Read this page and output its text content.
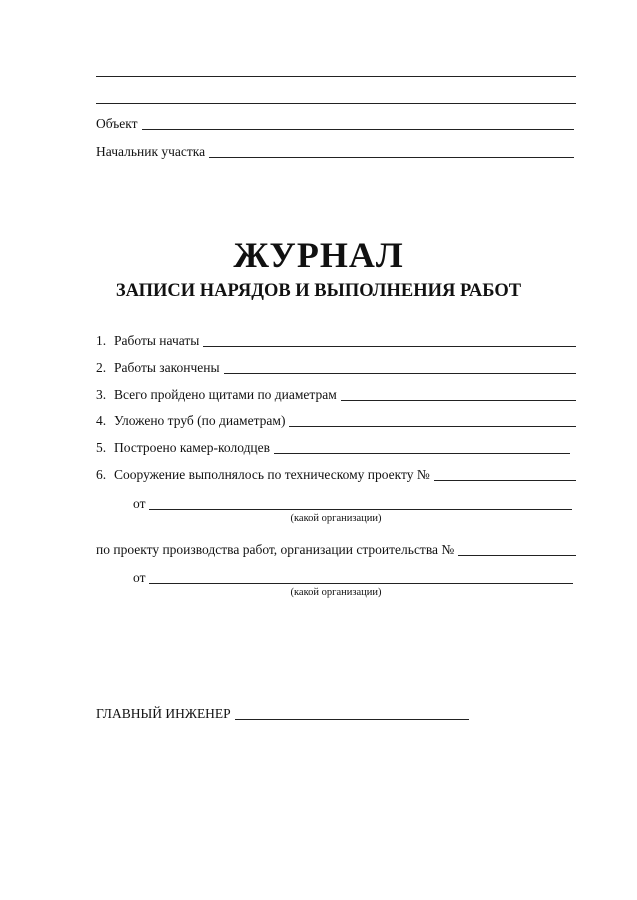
Объект
Начальник участка
ЖУРНАЛ
ЗАПИСИ НАРЯДОВ И ВЫПОЛНЕНИЯ РАБОТ
1. Работы начаты
2. Работы закончены
3. Всего пройдено щитами по диаметрам
4. Уложено труб (по диаметрам)
5. Построено камер-колодцев
6. Сооружение выполнялось по техническому проекту №
от
(какой организации)
по проекту производства работ, организации строительства №
от
(какой организации)
ГЛАВНЫЙ ИНЖЕНЕР
